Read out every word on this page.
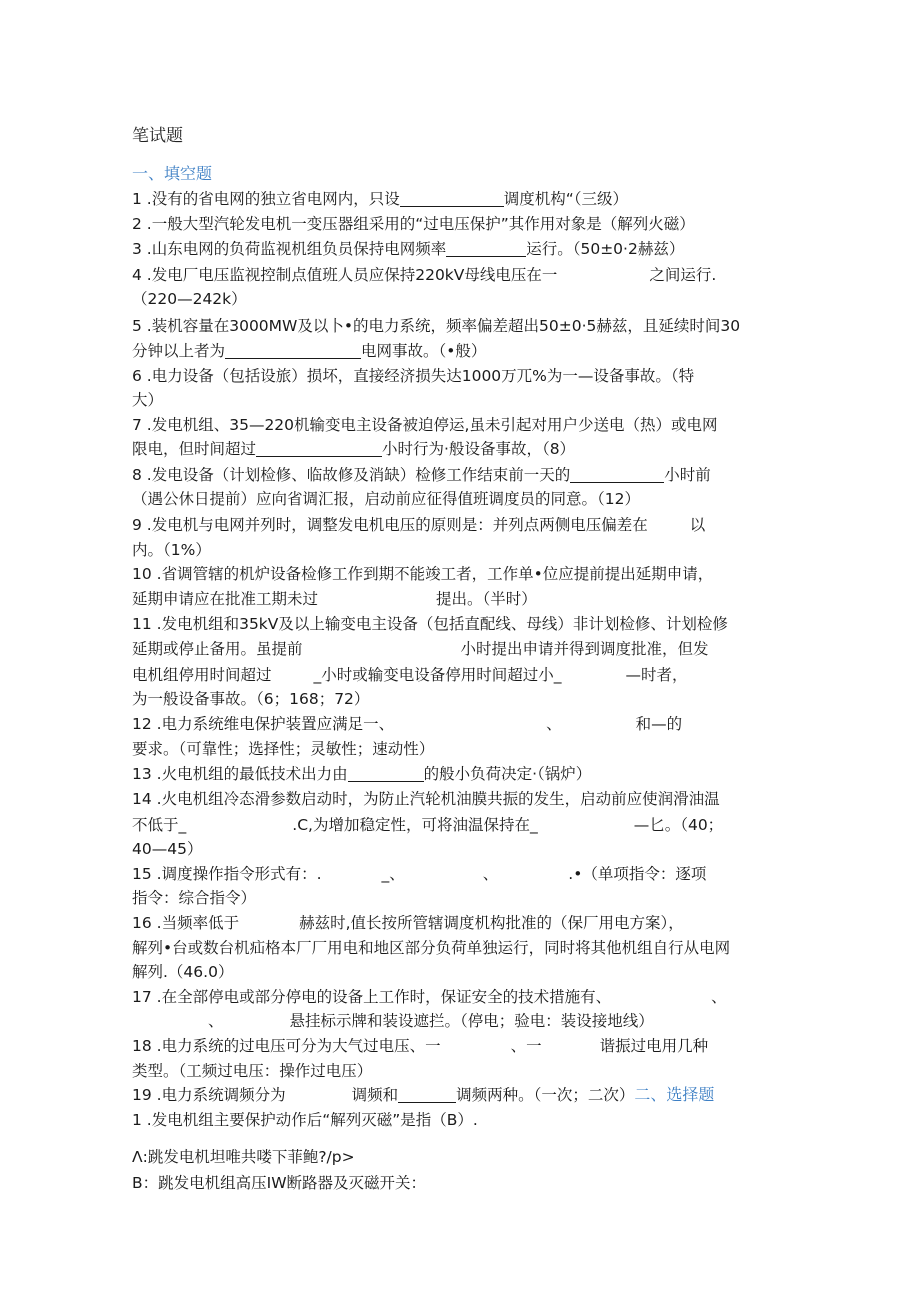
笔试题
一、填空题
1 .没有的省电网的独立省电网内，只设	调度机构“（三级）
2 .一般大型汽轮发电机一变压器组采用的“过电压保护”其作用对象是（解列火磁）
3 .山东电网的负荷监视机组负员保持电网频率	运行。（50±0·2赫兹）
4 .发电厂电压监视控制点值班人员应保持220kV母线电压在一	之间运行.
（220—242k）
5 .装机容量在3000MW及以卜•的电力系统，频率偏差超出50±0·5赫兹，且延续时间30
分钟以上者为	电网事故。（•般）
6 .电力设备（包括设旅）损坏，直接经济损失达1000万兀%为一—设备事故。（特
大）
7 .发电机组、35—220机输变电主设备被迫停运,虽未引起对用户少送电（热）或电网
限电，但时间超过	小时行为·般设备事故，（8）
8 .发电设备（计划检修、临故修及消缺）检修工作结束前一天的	小时前
（遇公休日提前）应向省调汇报，启动前应征得值班调度员的同意。（12）
9 .发电机与电网并列时，调整发电机电压的原则是：并列点两侧电压偏差在	以
内。（1%）
10 .省调管辖的机炉设备检修工作到期不能竣工者，工作单•位应提前提出延期申请，
延期申请应在批准工期未过	提出。（半时）
11 .发电机组和35kV及以上输变电主设备（包括直配线、母线）非计划检修、计划检修
延期或停止备用。虽提前	小时提出申请并得到调度批准，但发
电机组停用时间超过	_小时或输变电设备停用时间超过小_	—时者，
为一般设备事故。（6；168；72）
12 .电力系统维电保护装置应满足一、	、	和—的
要求。（可靠性；选择性；灵敏性；速动性）
13 .火电机组的最低技术出力由	的般小负荷决定·（锅炉）
14 .火电机组冷态滑参数启动时，为防止汽轮机油膜共振的发生，启动前应使润滑油温
不低于_	.C,为增加稳定性，可将油温保持在_	—匕。（40；
40—45）
15 .调度操作指令形式有：.	_、	、	.•（单项指令：逐项
指令：综合指令）
16 .当频率低于	赫兹时,值长按所管辖调度机构批准的（保厂用电方案），
解列•台或数台机疝格本厂厂用电和地区部分负荷单独运行，同时将其他机组自行从电网
解列.（46.0）
17 .在全部停电或部分停电的设备上工作时，保证安全的技术措施有、	、
、	悬挂标示牌和装设遮拦。（停电；验电：装设接地线）
18 .电力系统的过电压可分为大气过电压、一	、一	谐振过电用几种
类型。（工频过电压：操作过电压）
19 .电力系统调频分为	调频和	调频两种。（一次；二次）二、选择题
1 .发电机组主要保护动作后“解列灭磁”是指（B）.
Λ:跳发电机坦唯共喽下菲鲍?/p>
B：跳发电机组高压IW断路器及灭磁开关：
